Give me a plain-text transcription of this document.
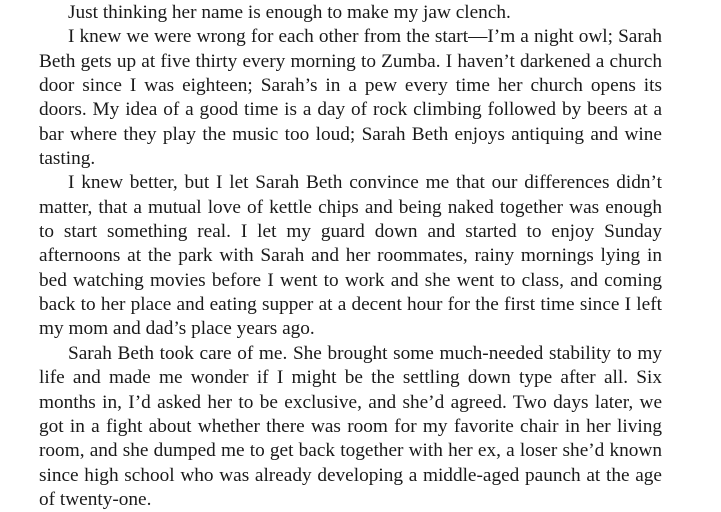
Just thinking her name is enough to make my jaw clench.

I knew we were wrong for each other from the start—I’m a night owl; Sarah Beth gets up at five thirty every morning to Zumba. I haven’t darkened a church door since I was eighteen; Sarah’s in a pew every time her church opens its doors. My idea of a good time is a day of rock climbing followed by beers at a bar where they play the music too loud; Sarah Beth enjoys antiquing and wine tasting.

I knew better, but I let Sarah Beth convince me that our differences didn’t matter, that a mutual love of kettle chips and being naked together was enough to start something real. I let my guard down and started to enjoy Sunday afternoons at the park with Sarah and her roommates, rainy mornings lying in bed watching movies before I went to work and she went to class, and coming back to her place and eating supper at a decent hour for the first time since I left my mom and dad’s place years ago.

Sarah Beth took care of me. She brought some much-needed stability to my life and made me wonder if I might be the settling down type after all. Six months in, I’d asked her to be exclusive, and she’d agreed. Two days later, we got in a fight about whether there was room for my favorite chair in her living room, and she dumped me to get back together with her ex, a loser she’d known since high school who was already developing a middle-aged paunch at the age of twenty-one.
